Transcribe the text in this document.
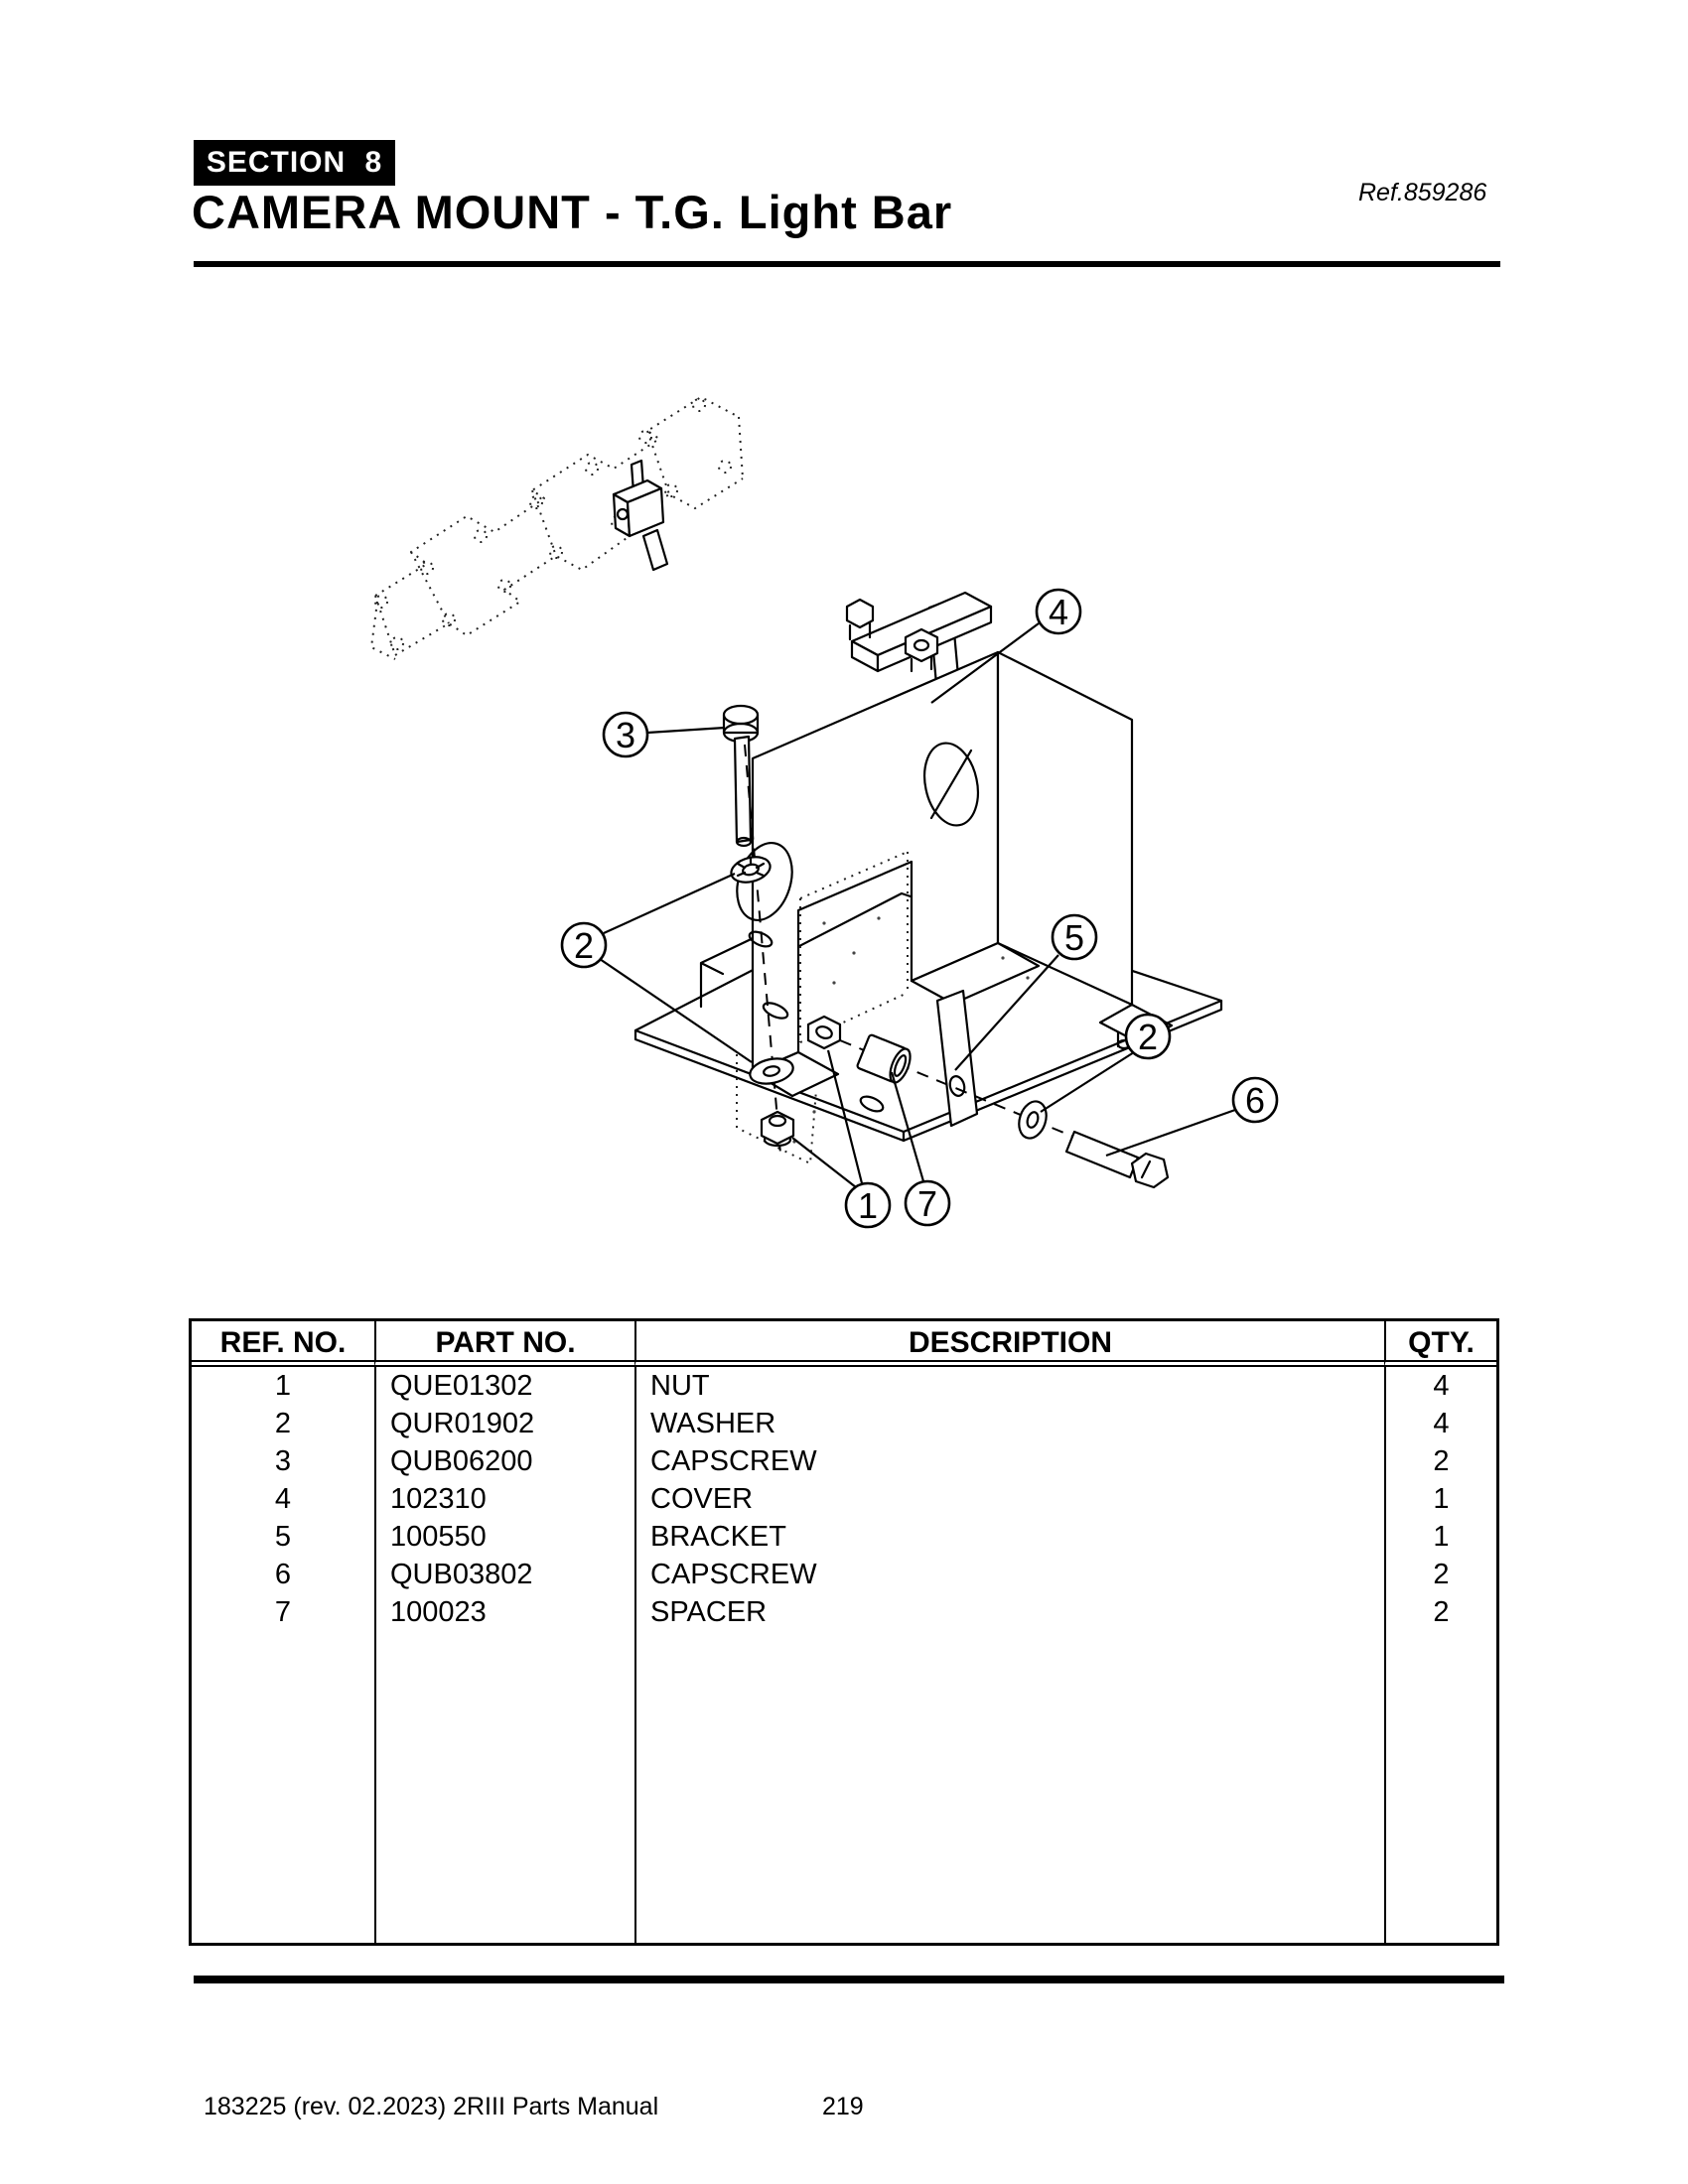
SECTION 8
CAMERA MOUNT - T.G. Light Bar	Ref.859286
4
3
2	5
2
6
1 7
REF. NO.	PART NO.	DESCRIPTION	QTY.
1	QUE01302	NUT	4
2	QUR01902	WASHER	4
3	QUB06200	CAPSCREW	2
4	102310	COVER	1
5	100550	BRACKET	1
6	QUB03802	CAPSCREW	2
7	100023	SPACER	2
183225 (rev. 02.2023) 2RIII Parts Manual	219
